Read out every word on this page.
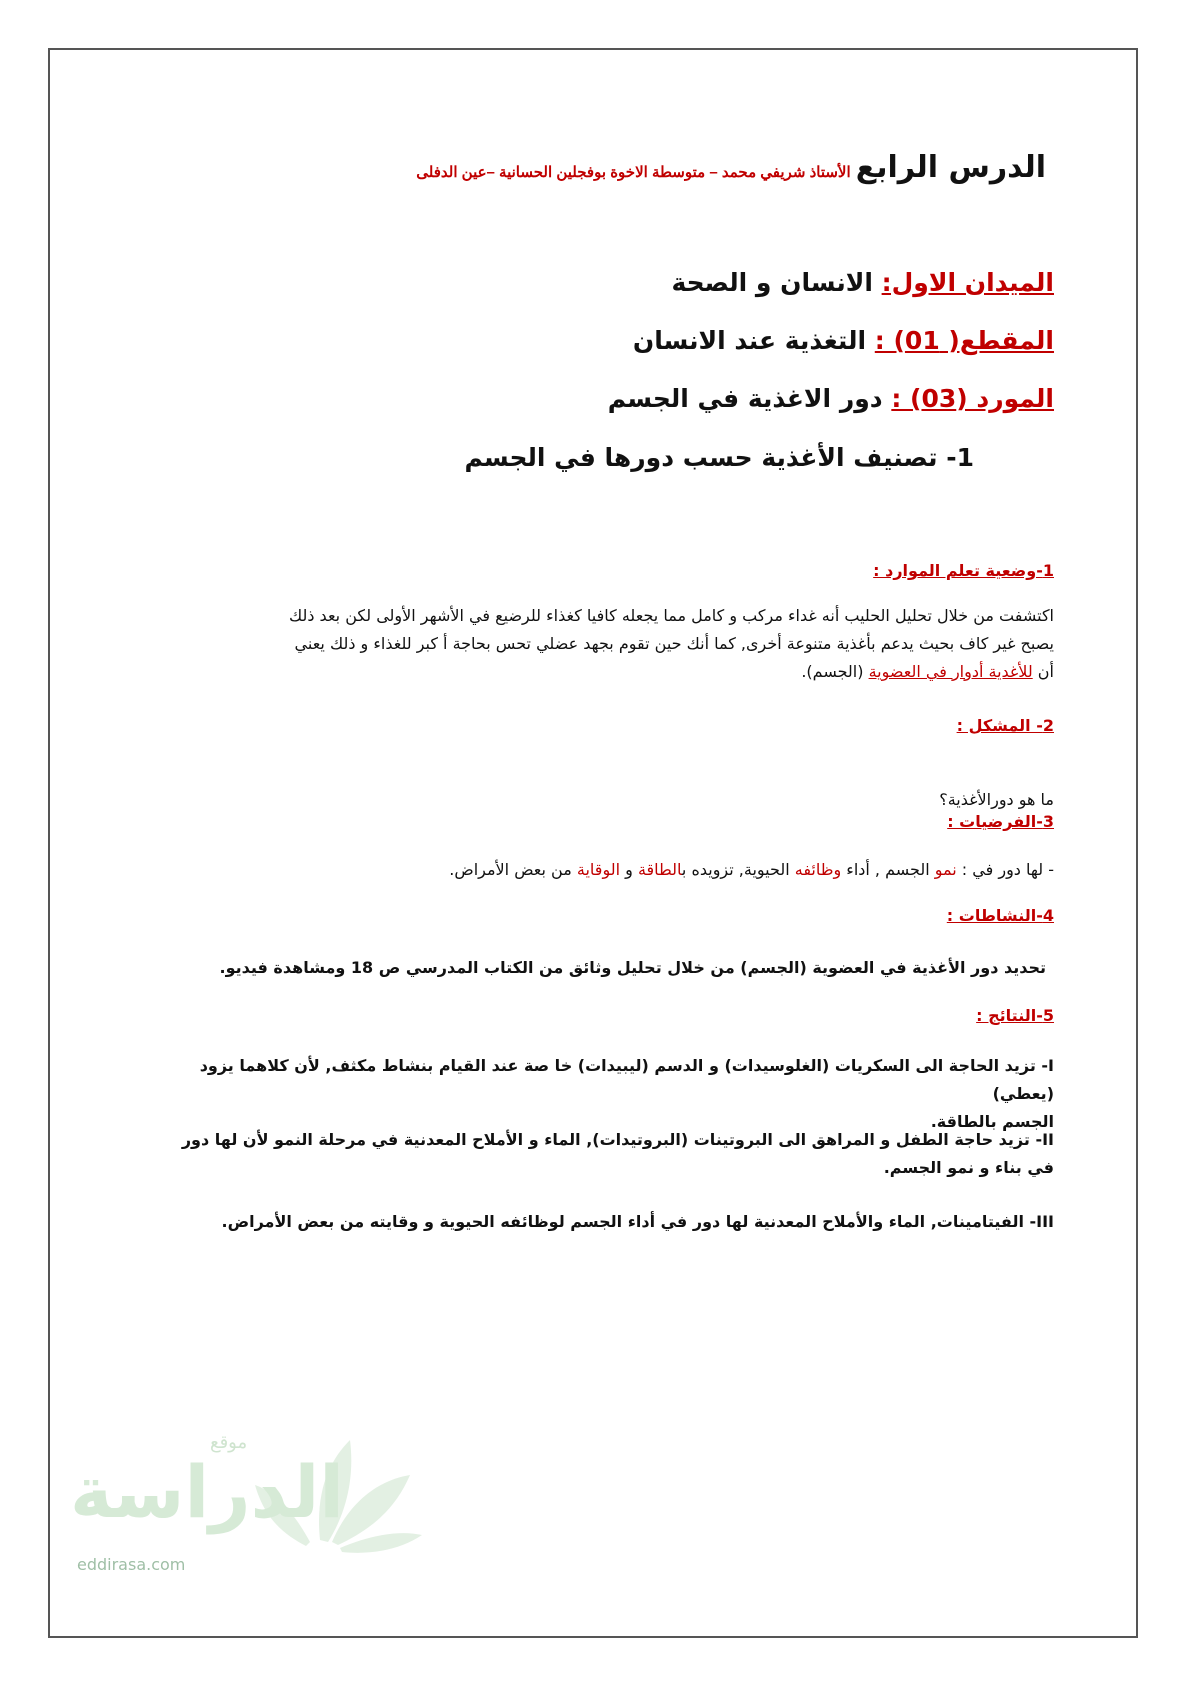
الدرس الرابع الأستاذ شريفي محمد – متوسطة الاخوة بوفجلين الحسانية –عين الدفلى
الميدان الاول: الانسان و الصحة
المقطع( 01) : التغذية عند الانسان
المورد (03) : دور الاغذية في الجسم
1- تصنيف الأغذية حسب دورها في الجسم
1-وضعية تعلم الموارد :
اكتشفت من خلال تحليل الحليب أنه غداء مركب و كامل مما يجعله كافيا كغذاء للرضيع في الأشهر الأولى لكن بعد ذلك
يصبح غير كاف بحيث يدعم بأغذية متنوعة أخرى, كما أنك حين تقوم بجهد عضلي تحس بحاجة أ كبر للغذاء و ذلك يعني
أن للأغدية أدوار في العضوية (الجسم).
2- المشكل :
ما هو دورالأغذية؟
3-الفرضيات :
- لها دور في : نمو الجسم , أداء وظائفه الحيوية, تزويده بالطاقة و الوقاية من بعض الأمراض.
4-النشاطات :
تحديد دور الأغذية في العضوية (الجسم) من خلال تحليل وثائق من الكتاب المدرسي ص 18 ومشاهدة فيديو.
5-النتائج :
I- تزيد الحاجة الى السكريات (الغلوسيدات) و الدسم (ليبيدات) خا صة عند القيام بنشاط مكثف, لأن كلاهما يزود (يعطي)
الجسم بالطاقة.
II- تزيد حاجة الطفل و المراهق الى البروتينات (البروتيدات), الماء و الأملاح المعدنية في مرحلة النمو لأن لها دور
في بناء و نمو الجسم.
III- الفيتامينات, الماء والأملاح المعدنية لها دور في أداء الجسم لوظائفه الحيوية و وقايته من بعض الأمراض.
موقع
الدراسة
eddirasa.com
